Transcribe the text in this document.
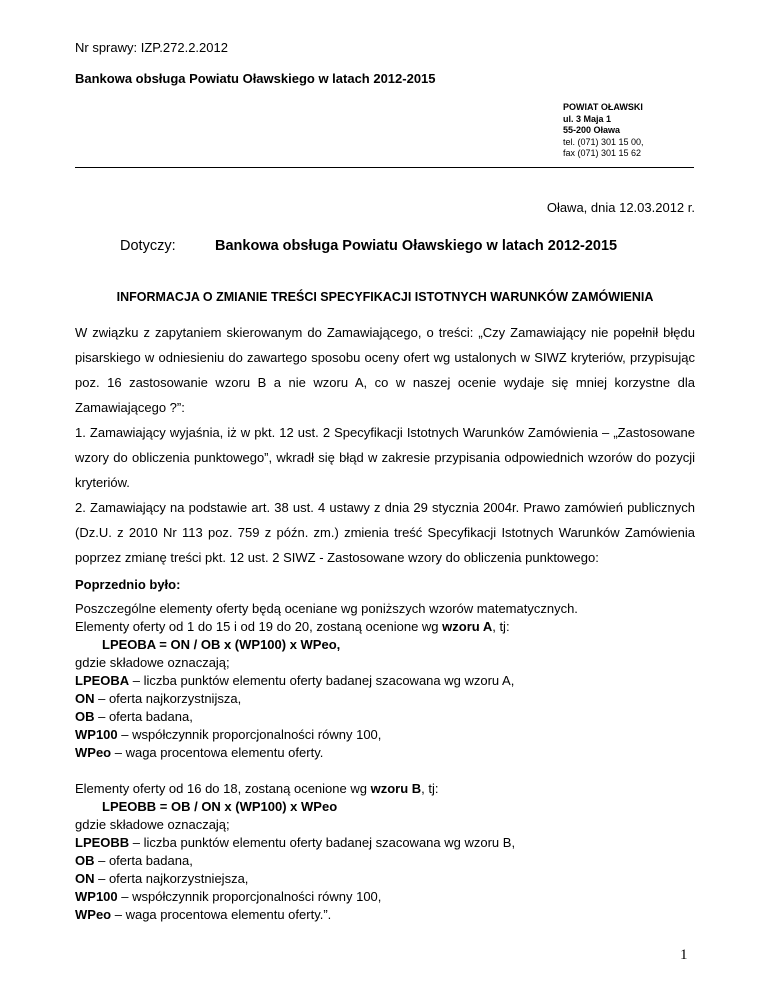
Nr sprawy: IZP.272.2.2012
Bankowa obsługa Powiatu Oławskiego w latach 2012-2015
POWIAT OŁAWSKI
ul. 3 Maja 1
55-200 Oława
tel. (071) 301 15 00,
fax (071) 301 15 62
Oława, dnia 12.03.2012 r.
Dotyczy:	Bankowa obsługa Powiatu Oławskiego w latach 2012-2015
INFORMACJA O ZMIANIE TREŚCI SPECYFIKACJI ISTOTNYCH WARUNKÓW ZAMÓWIENIA
W związku z zapytaniem skierowanym do Zamawiającego, o treści: „Czy Zamawiający nie popełnił błędu pisarskiego w odniesieniu do zawartego sposobu oceny ofert wg ustalonych w SIWZ kryteriów, przypisując poz. 16 zastosowanie wzoru B a nie wzoru A, co w naszej ocenie wydaje się mniej korzystne dla Zamawiającego ?”:
1. Zamawiający wyjaśnia, iż w pkt. 12 ust. 2 Specyfikacji Istotnych Warunków Zamówienia – „Zastosowane wzory do obliczenia punktowego”, wkradł się błąd w zakresie przypisania odpowiednich wzorów do pozycji kryteriów.
2. Zamawiający na podstawie art. 38 ust. 4 ustawy z dnia 29 stycznia 2004r. Prawo zamówień publicznych (Dz.U. z 2010 Nr 113 poz. 759 z późn. zm.) zmienia treść Specyfikacji Istotnych Warunków Zamówienia poprzez zmianę treści pkt. 12 ust. 2 SIWZ - Zastosowane wzory do obliczenia punktowego:
Poprzednio było:
Poszczególne elementy oferty będą oceniane wg poniższych wzorów matematycznych.
Elementy oferty od 1 do 15 i od 19 do 20, zostaną ocenione wg wzoru A, tj:
LPEOBA = ON / OB x (WP100) x WPeo,
gdzie składowe oznaczają;
LPEOBA – liczba punktów elementu oferty badanej szacowana wg wzoru A,
ON – oferta najkorzystnijsza,
OB – oferta badana,
WP100 – współczynnik proporcjonalności równy 100,
WPeo – waga procentowa elementu oferty.
Elementy oferty od 16 do 18, zostaną ocenione wg wzoru B, tj:
LPEOBB = OB / ON x (WP100) x WPeo
gdzie składowe oznaczają;
LPEOBB – liczba punktów elementu oferty badanej szacowana wg wzoru B,
OB – oferta badana,
ON – oferta najkorzystniejsza,
WP100 – współczynnik proporcjonalności równy 100,
WPeo – waga procentowa elementu oferty.”.
1
